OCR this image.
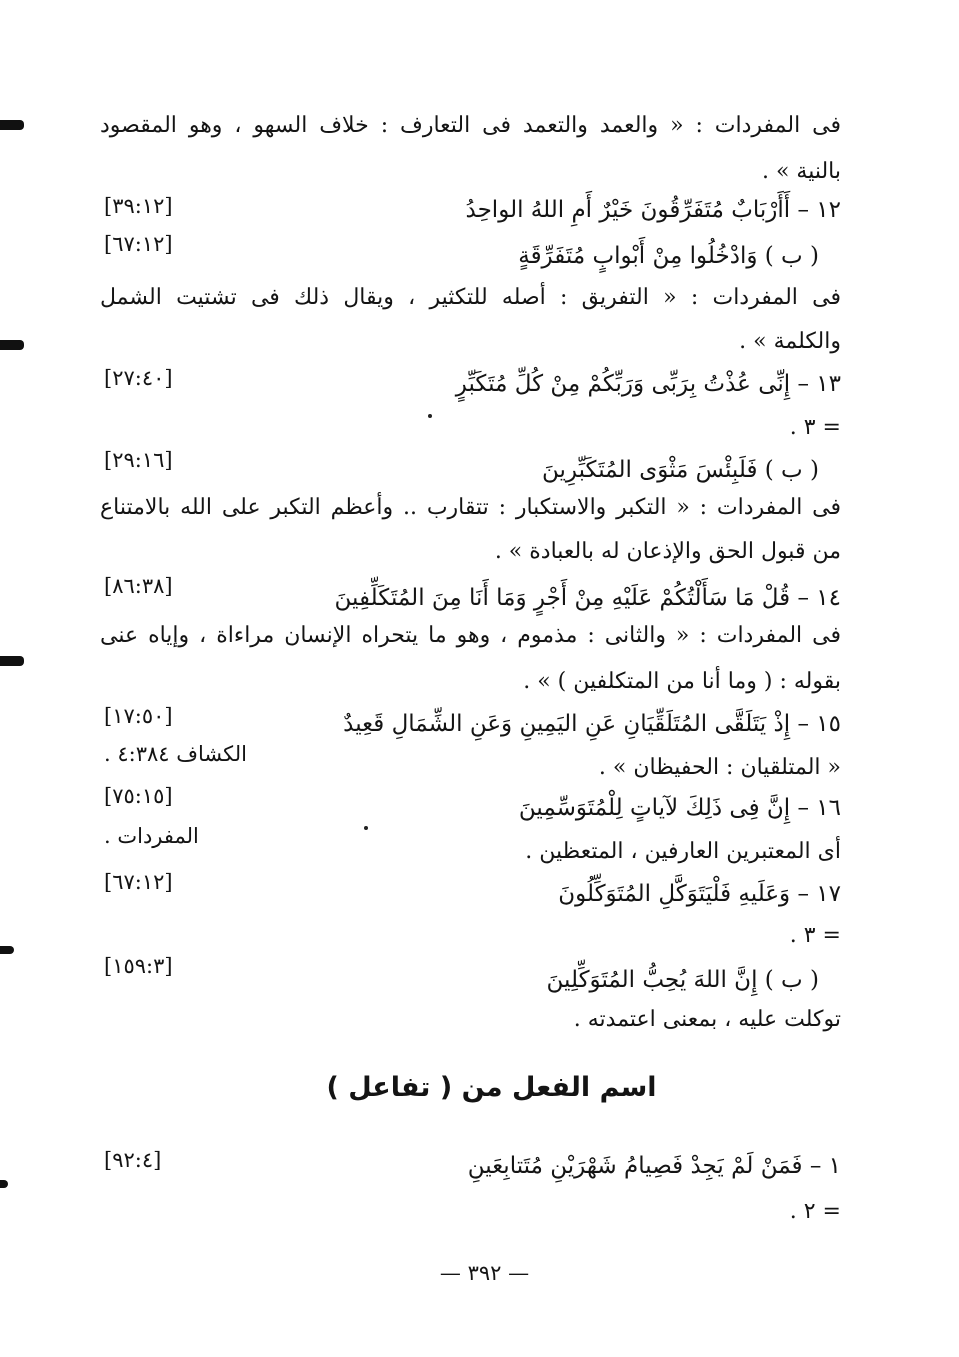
فى المفردات : « والعمد والتعمد فى التعارف : خلاف السهو ، وهو المقصود
بالنية » .
١٢ – أَأَرْبَابٌ مُتَفَرِّقُونَ خَيْرٌ أَمِ اللهُ الواحِدُ
[٣٩:١٢]
( ب ) وَادْخُلُوا مِنْ أَبْوابٍ مُتَفَرِّقَةٍ
[٦٧:١٢]
فى المفردات : « التفريق : أصله للتكثير ، ويقال ذلك فى تشتيت الشمل
والكلمة » .
١٣ – إِنِّى عُذْتُ بِرَبِّى وَرَبِّكُمْ مِنْ كُلِّ مُتَكَبِّرٍ
[٢٧:٤٠]
= ٣ .
( ب ) فَلَبِئْسَ مَثْوَى المُتَكَبِّرِينَ
[٢٩:١٦]
فى المفردات : « التكبر والاستكبار : تتقارب .. وأعظم التكبر على الله بالامتناع
من قبول الحق والإذعان له بالعبادة » .
١٤ – قُلْ مَا سَأَلْتُكُمْ عَلَيْهِ مِنْ أَجْرٍ وَمَا أَنَا مِنَ المُتَكَلِّفِينَ
[٨٦:٣٨]
فى المفردات : « والثانى : مذموم ، وهو ما يتحراه الإنسان مراءاة ، وإياه عنى
بقوله : ( وما أنا من المتكلفين ) » .
١٥ – إِذْ يَتَلَقَّى المُتَلَقِّيَانِ عَنِ اليَمِينِ وَعَنِ الشِّمَالِ قَعِيدٌ
[١٧:٥٠]
الكشاف ٤:٣٨٤ .
« المتلقيان : الحفيظان » .
١٦ – إِنَّ فِى ذَلِكَ لآياتٍ لِلْمُتَوَسِّمِينَ
[٧٥:١٥]
المفردات .
أى المعتبرين العارفين ، المتعظين .
١٧ – وَعَلَيهِ فَلْيَتَوَكَّلِ المُتَوَكِّلُونَ
[٦٧:١٢]
= ٣ .
( ب ) إِنَّ اللهَ يُحِبُّ المُتَوَكِّلِينَ
[١٥٩:٣]
توكلت عليه ، بمعنى اعتمدته .
اسم الفعل من ( تفاعل )
١ – فَمَنْ لَمْ يَجِدْ فَصِيامُ شَهْرَيْنِ مُتَتابِعَينِ
[٩٢:٤]
= ٢ .
— ٣٩٢ —
